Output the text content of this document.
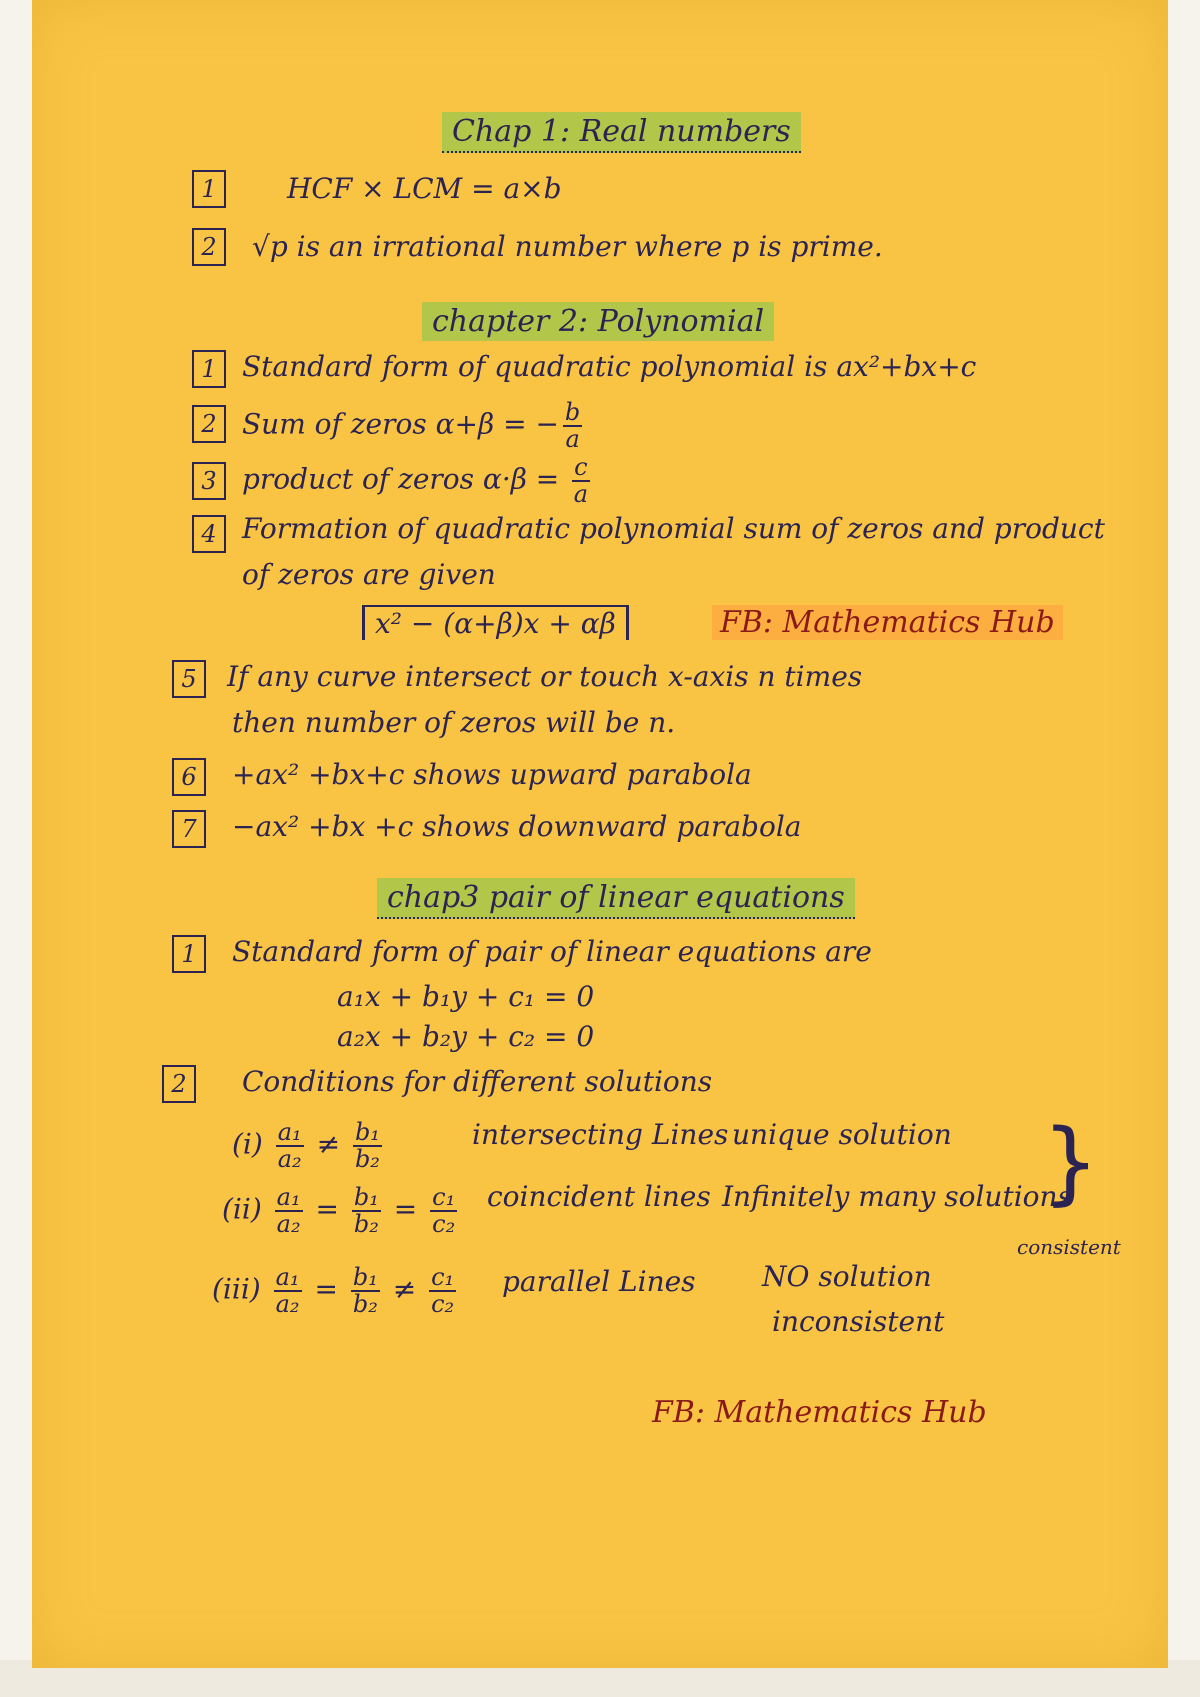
Chap 1: Real numbers
1	HCF × LCM = a×b
2	√p is an irrational number where p is prime.
chapter 2: Polynomial
1 Standard form of quadratic polynomial is ax²+bx+c
2 Sum of zeros α+β = − $\frac{b}{a}$
3 product of zeros $\alpha\cdot\beta = \frac{c}{a}$
4 Formation of quadratic polynomial sum of zeros and product
of zeros are given
x² − (α+β)x + αβ	FB: Mathematics Hub
5	If any curve intersect or touch x-axis n times
then number of zeros will be n.
6	+ax² +bx+c shows upward parabola
7	−ax² +bx +c shows downward parabola
chap3 pair of linear equations
1	Standard form of pair of linear equations are
a₁x + b₁y + c₁ = 0
a₂x + b₂y + c₂ = 0
2	Conditions for different solutions
$(i) \frac{\text{a₁}}{\text{a₂}} \ne \frac{\text{b₁}}{\text{b₂}}$	intersecting Lines unique solution
$(ii) \frac{\text{a₁}}{\text{a₂}} = \frac{\text{b₁}}{\text{b₂}} = \frac{\text{c₁}}{\text{c₂}}$ coincident lines Infinitely many solutions
consistent
}
$(iii) \frac{\text{a₁}}{\text{a₂}} = \frac{\text{b₁}}{\text{b₂}} \ne \frac{\text{c₁}}{\text{c₂}}$ parallel Lines NO solution
inconsistent
FB: Mathematics Hub
